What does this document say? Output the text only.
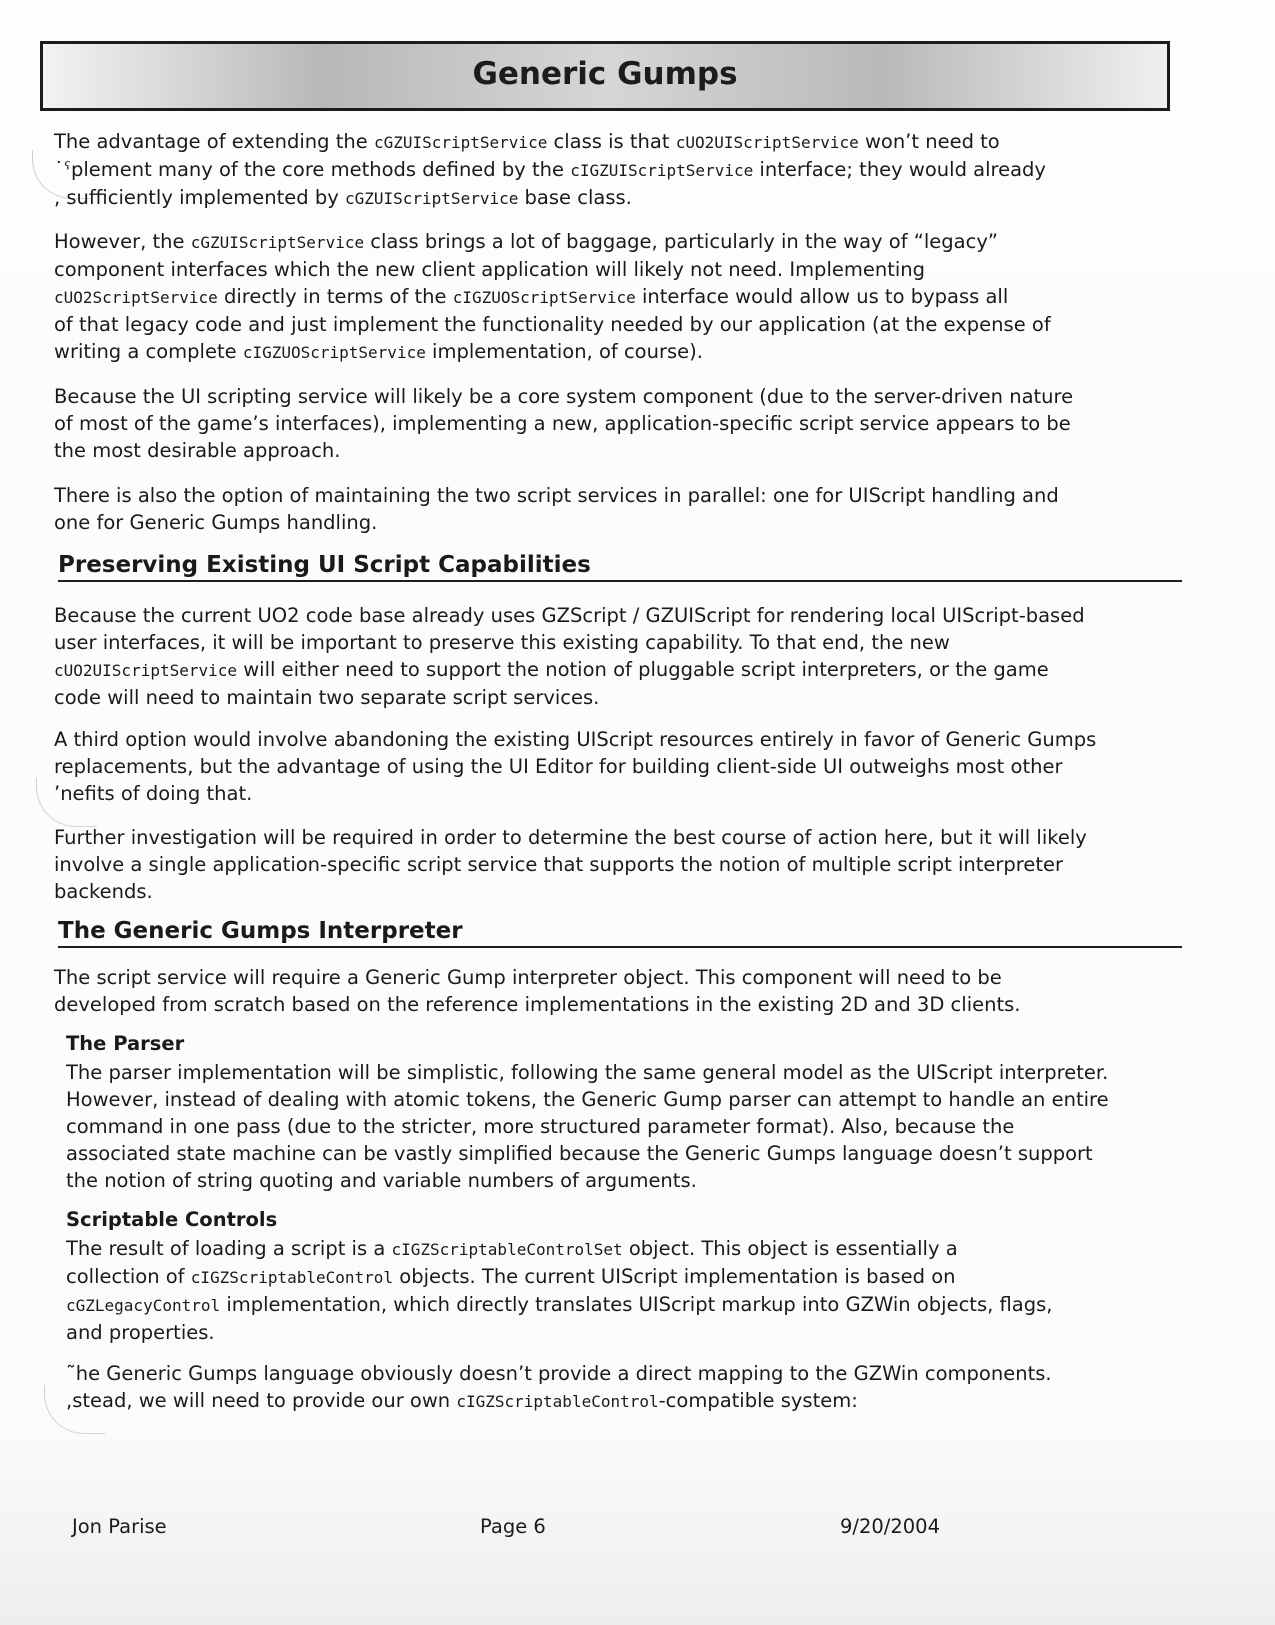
Generic Gumps
The advantage of extending the cGZUIScriptService class is that cUO2UIScriptService won’t need to
˙ˁplement many of the core methods defined by the cIGZUIScriptService interface; they would already
, sufficiently implemented by cGZUIScriptService base class.
However, the cGZUIScriptService class brings a lot of baggage, particularly in the way of “legacy”
component interfaces which the new client application will likely not need. Implementing
cUO2ScriptService directly in terms of the cIGZUOScriptService interface would allow us to bypass all
of that legacy code and just implement the functionality needed by our application (at the expense of
writing a complete cIGZUOScriptService implementation, of course).
Because the UI scripting service will likely be a core system component (due to the server-driven nature
of most of the game’s interfaces), implementing a new, application-specific script service appears to be
the most desirable approach.
There is also the option of maintaining the two script services in parallel: one for UIScript handling and
one for Generic Gumps handling.
Preserving Existing UI Script Capabilities
Because the current UO2 code base already uses GZScript / GZUIScript for rendering local UIScript-based
user interfaces, it will be important to preserve this existing capability. To that end, the new
cUO2UIScriptService will either need to support the notion of pluggable script interpreters, or the game
code will need to maintain two separate script services.
A third option would involve abandoning the existing UIScript resources entirely in favor of Generic Gumps
replacements, but the advantage of using the UI Editor for building client-side UI outweighs most other
ʼnefits of doing that.
Further investigation will be required in order to determine the best course of action here, but it will likely
involve a single application-specific script service that supports the notion of multiple script interpreter
backends.
The Generic Gumps Interpreter
The script service will require a Generic Gump interpreter object. This component will need to be
developed from scratch based on the reference implementations in the existing 2D and 3D clients.
The Parser
The parser implementation will be simplistic, following the same general model as the UIScript interpreter.
However, instead of dealing with atomic tokens, the Generic Gump parser can attempt to handle an entire
command in one pass (due to the stricter, more structured parameter format). Also, because the
associated state machine can be vastly simplified because the Generic Gumps language doesn’t support
the notion of string quoting and variable numbers of arguments.
Scriptable Controls
The result of loading a script is a cIGZScriptableControlSet object. This object is essentially a
collection of cIGZScriptableControl objects. The current UIScript implementation is based on
cGZLegacyControl implementation, which directly translates UIScript markup into GZWin objects, flags,
and properties.
˜he Generic Gumps language obviously doesn’t provide a direct mapping to the GZWin components.
,stead, we will need to provide our own cIGZScriptableControl-compatible system:
Jon Parise	Page 6	9/20/2004
